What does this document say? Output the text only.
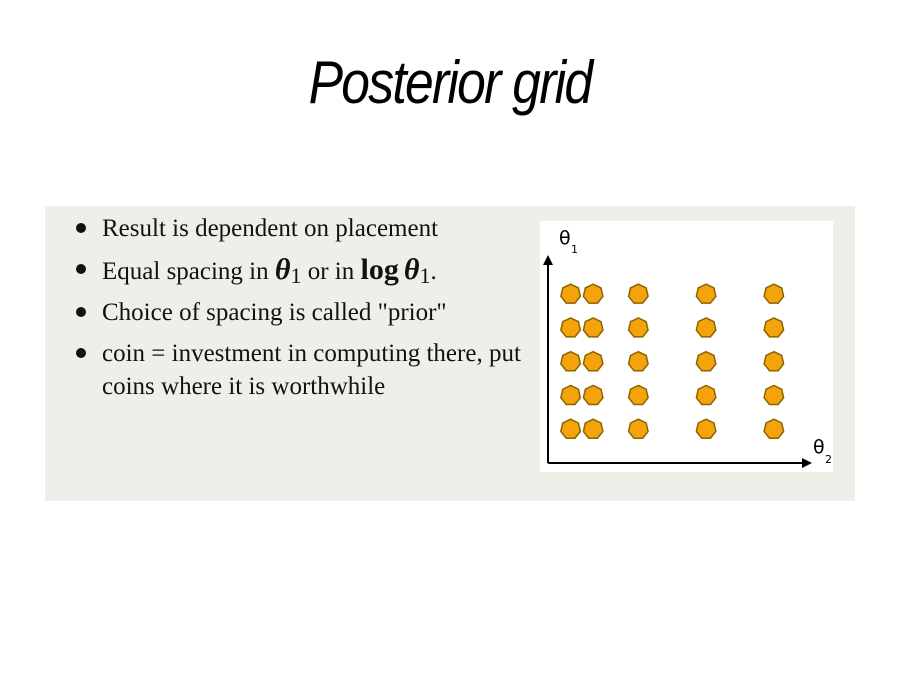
Posterior grid
Result is dependent on placement
Equal spacing in θ1 or in log  θ1.
Choice of spacing is called "prior"
coin = investment in computing there, put coins where it is worthwhile
θ
1
θ
2
